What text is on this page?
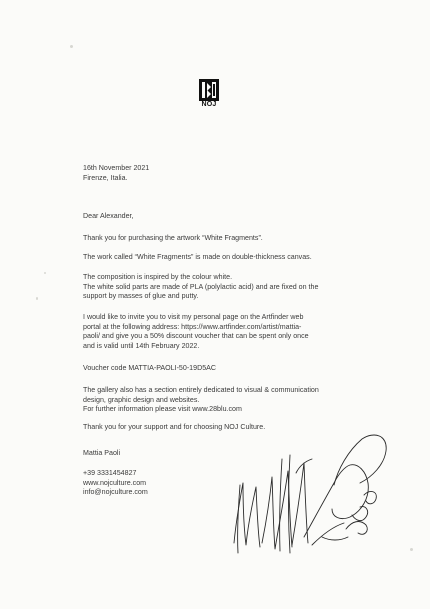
NOJ

16th November 2021

Firenze, Italia.

Dear Alexander,

Thank you for purchasing the artwork “White Fragments”.

The work called “White Fragments” is made on double-thickness canvas.

The composition is inspired by the colour white.

The white solid parts are made of PLA (polylactic acid) and are fixed on the

support by masses of glue and putty.

I would like to invite you to visit my personal page on the Artfinder web

portal at the following address: https://www.artfinder.com/artist/mattia-

paoli/ and give you a 50% discount voucher that can be spent only once

and is valid until 14th February 2022.

Voucher code MATTIA-PAOLI-50-19D5AC

The gallery also has a section entirely dedicated to visual & communication

design, graphic design and websites.

For further information please visit www.28blu.com

Thank you for your support and for choosing NOJ Culture.

Mattia Paoli

+39 3331454827

www.nojculture.com

info@nojculture.com
